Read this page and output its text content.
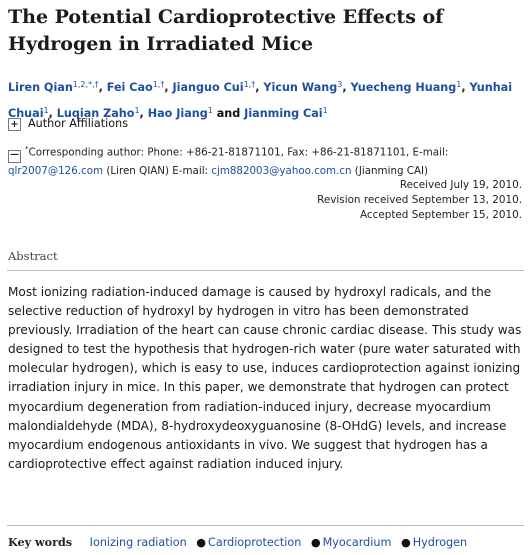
The Potential Cardioprotective Effects of Hydrogen in Irradiated Mice
Liren Qian$^{1,2,*,\dagger}$, Fei Cao$^{1,\dagger}$, Jianguo Cui$^{1,\dagger}$, Yicun Wang$^3$, Yuecheng Huang$^1$, Yunhai Chuai$^1$, Luqian Zaho$^1$, Hao Jiang$^1$ and Jianming Cai$^1$
+ Author Affiliations
—*Corresponding author: Phone: +86-21-81871101, Fax: +86-21-81871101, E-mail: qlr2007@126.com (Liren QIAN) E-mail: cjm882003@yahoo.com.cn (Jianming CAI)
Received July 19, 2010.
Revision received September 13, 2010.
Accepted September 15, 2010.
Abstract

Most ionizing radiation-induced damage is caused by hydroxyl radicals, and the selective reduction of hydroxyl by hydrogen in vitro has been demonstrated previously. Irradiation of the heart can cause chronic cardiac disease. This study was designed to test the hypothesis that hydrogen-rich water (pure water saturated with molecular hydrogen), which is easy to use, induces cardioprotection against ionizing irradiation injury in mice. In this paper, we demonstrate that hydrogen can protect myocardium degeneration from radiation-induced injury, decrease myocardium malondialdehyde (MDA), 8-hydroxydeoxyguanosine (8-OHdG) levels, and increase myocardium endogenous antioxidants in vivo. We suggest that hydrogen has a cardioprotective effect against radiation induced injury.

Key words Ionizing radiation ● Cardioprotection ● Myocardium ● Hydrogen
